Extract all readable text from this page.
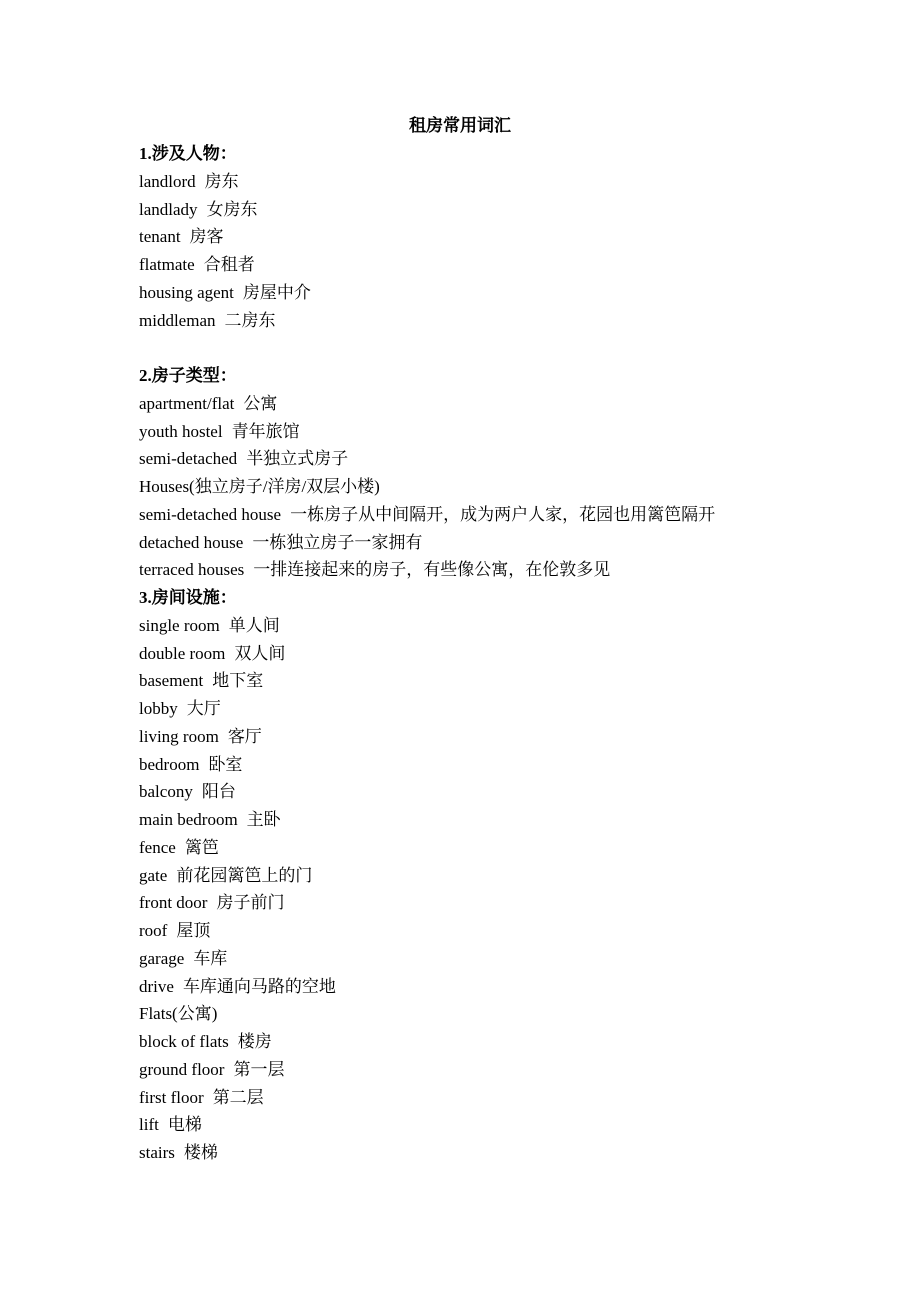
租房常用词汇
1.涉及人物：
landlord 房东
landlady 女房东
tenant 房客
flatmate 合租者
housing agent 房屋中介
middleman 二房东
2.房子类型：
apartment/flat 公寓
youth hostel 青年旅馆
semi-detached 半独立式房子
Houses(独立房子/洋房/双层小楼)
semi-detached house 一栋房子从中间隔开，成为两户人家，花园也用篱笆隔开
detached house 一栋独立房子一家拥有
terraced houses 一排连接起来的房子，有些像公寓，在伦敦多见
3.房间设施：
single room 单人间
double room 双人间
basement 地下室
lobby 大厅
living room 客厅
bedroom 卧室
balcony 阳台
main bedroom 主卧
fence 篱笆
gate 前花园篱笆上的门
front door 房子前门
roof 屋顶
garage 车库
drive 车库通向马路的空地
Flats(公寓)
block of flats 楼房
ground floor 第一层
first floor 第二层
lift 电梯
stairs 楼梯
